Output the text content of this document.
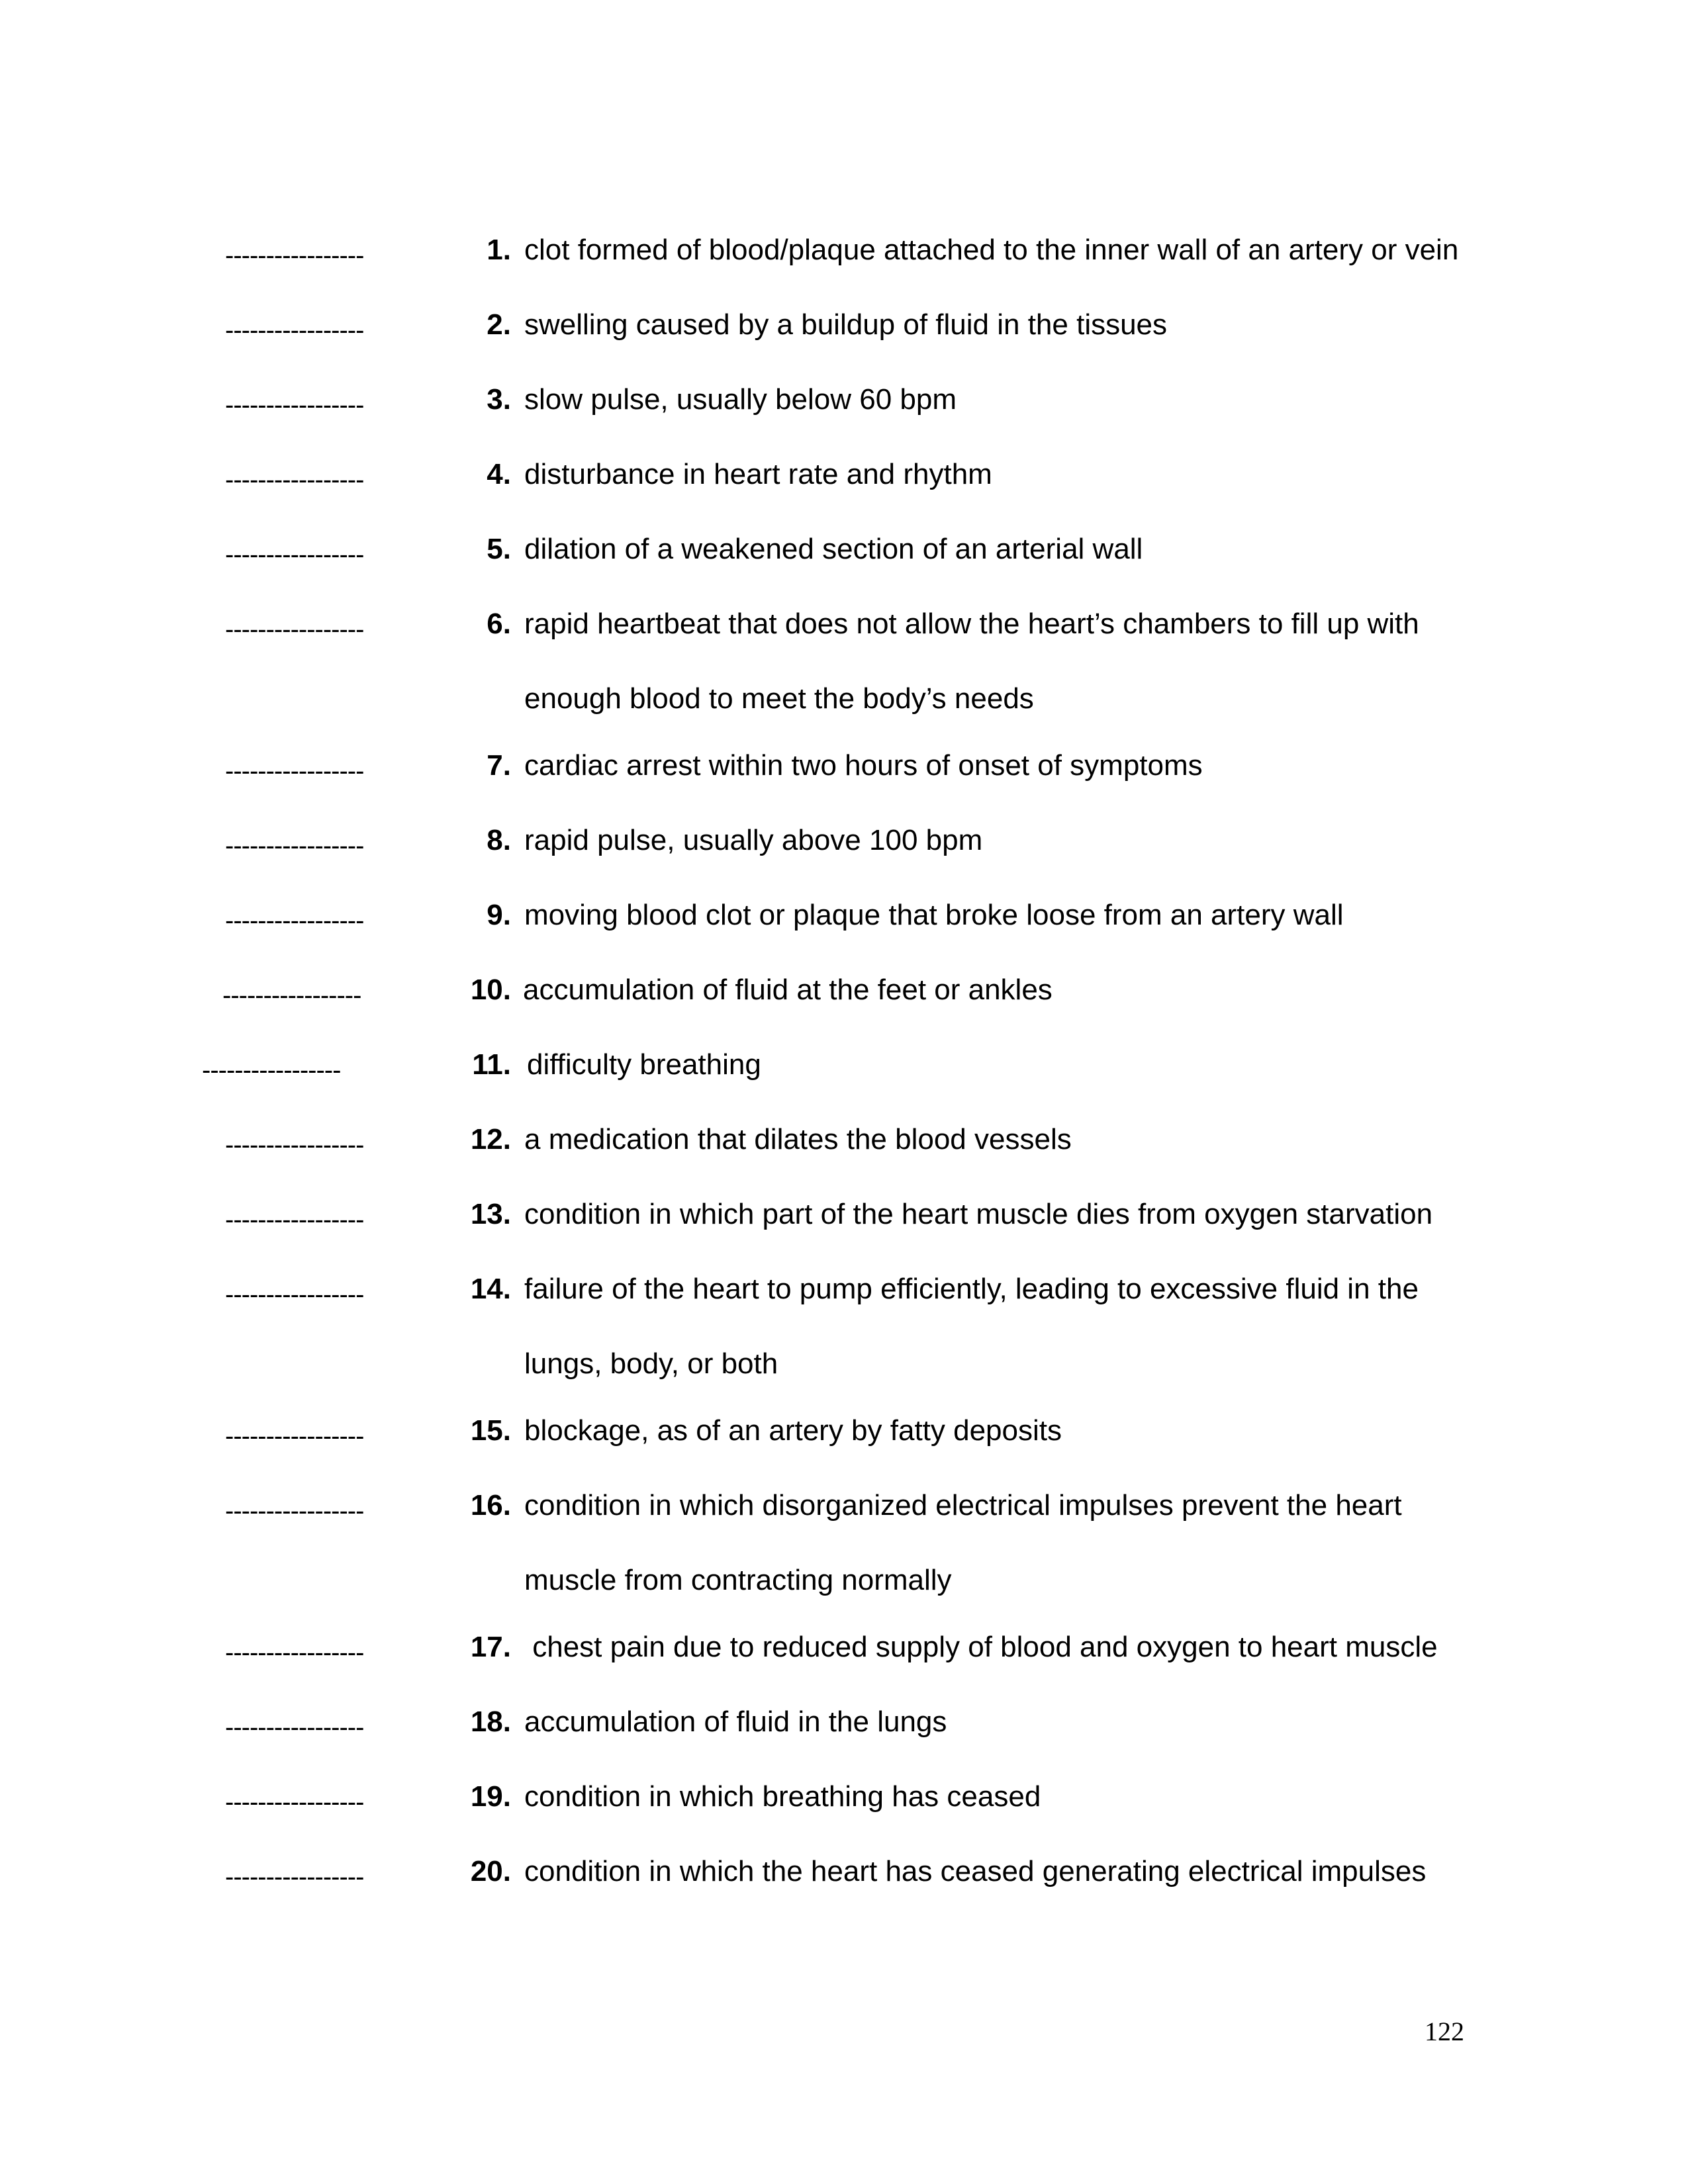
-----------------	1. clot formed of blood/plaque attached to the inner wall of an artery or vein
-----------------	2. swelling caused by a buildup of fluid in the tissues
-----------------	3. slow pulse, usually below 60 bpm
-----------------	4. disturbance in heart rate and rhythm
-----------------	5. dilation of a weakened section of an arterial wall
-----------------	6. rapid heartbeat that does not allow the heart’s chambers to fill up with
enough blood to meet the body’s needs
-----------------	7. cardiac arrest within two hours of onset of symptoms
-----------------	8. rapid pulse, usually above 100 bpm
-----------------	9. moving blood clot or plaque that broke loose from an artery wall
-----------------	10. accumulation of fluid at the feet or ankles
-----------------	11. difficulty breathing
-----------------	12. a medication that dilates the blood vessels
-----------------	13. condition in which part of the heart muscle dies from oxygen starvation
-----------------	14. failure of the heart to pump efficiently, leading to excessive fluid in the
lungs, body, or both
-----------------	15. blockage, as of an artery by fatty deposits
-----------------	16. condition in which disorganized electrical impulses prevent the heart
muscle from contracting normally
-----------------	17. chest pain due to reduced supply of blood and oxygen to heart muscle
-----------------	18. accumulation of fluid in the lungs
-----------------	19. condition in which breathing has ceased
-----------------	20. condition in which the heart has ceased generating electrical impulses
122
